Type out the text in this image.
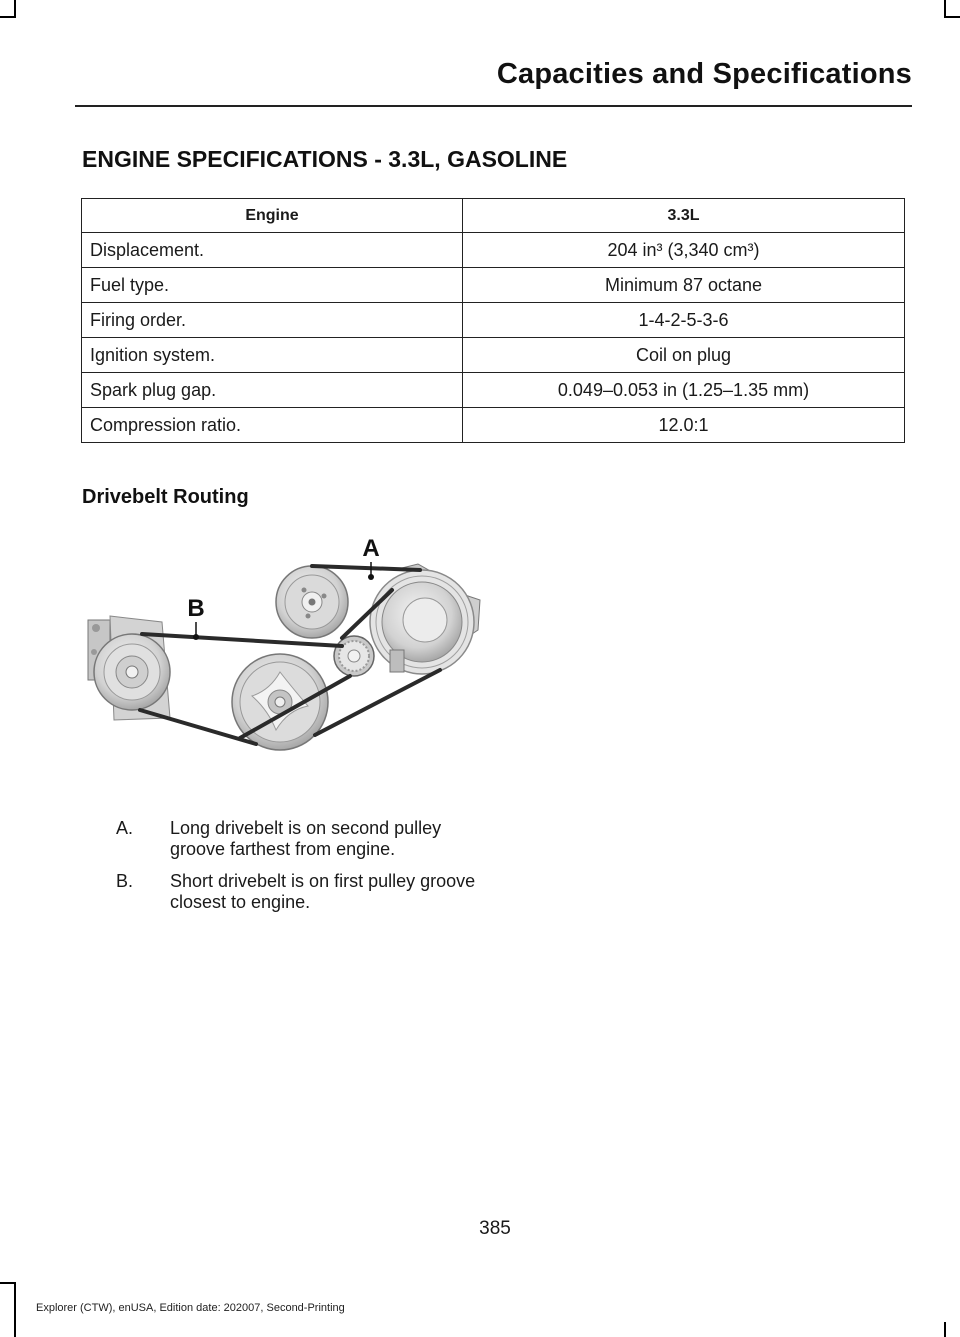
Capacities and Specifications
ENGINE SPECIFICATIONS - 3.3L, GASOLINE
Engine	3.3L
Displacement.	204 in³ (3,340 cm³)
Fuel type.	Minimum 87 octane
Firing order.	1-4-2-5-3-6
Ignition system.	Coil on plug
Spark plug gap.	0.049–0.053 in (1.25–1.35 mm)
Compression ratio.	12.0:1
Drivebelt Routing
A
B
A.	Long drivebelt is on second pulley groove farthest from engine.
B.	Short drivebelt is on first pulley groove closest to engine.
385
Explorer (CTW), enUSA, Edition date: 202007, Second-Printing
